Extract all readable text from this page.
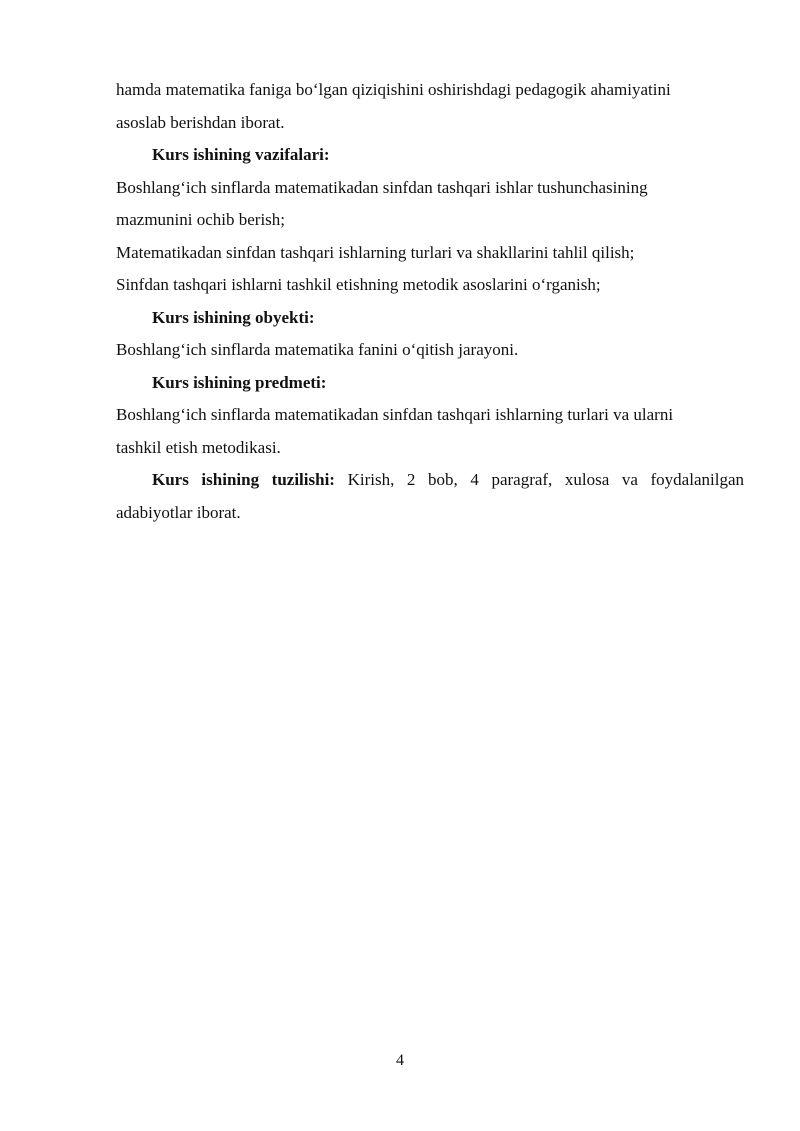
hamda matematika faniga bo‘lgan qiziqishini oshirishdagi pedagogik ahamiyatini
asoslab berishdan iborat.
Kurs ishining vazifalari:
Boshlang‘ich sinflarda matematikadan sinfdan tashqari ishlar tushunchasining
mazmunini ochib berish;
Matematikadan sinfdan tashqari ishlarning turlari va shakllarini tahlil qilish;
Sinfdan tashqari ishlarni tashkil etishning metodik asoslarini o‘rganish;
Kurs ishining obyekti:
Boshlang‘ich sinflarda matematika fanini o‘qitish jarayoni.
Kurs ishining predmeti:
Boshlang‘ich sinflarda matematikadan sinfdan tashqari ishlarning turlari va ularni
tashkil etish metodikasi.
Kurs ishining tuzilishi: Kirish, 2 bob, 4 paragraf, xulosa va foydalanilgan
adabiyotlar iborat.
4
